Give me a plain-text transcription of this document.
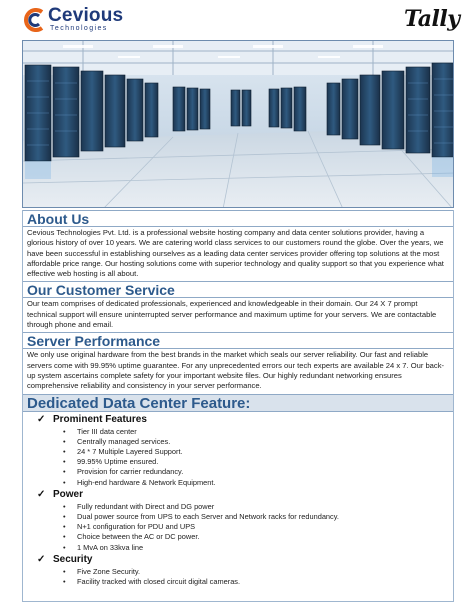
Cevious
Technologies	Tally
About Us

Cevious Technologies Pvt. Ltd. is a professional website hosting company and data center solutions provider, having a glorious history of over 10 years. We are catering world class services to our customers round the globe. Over the years, we have been successful in establishing ourselves as a leading data center services provider offering top solutions at the most affordable price range. Our hosting solutions come with superior technology and quality support so that you experience what effective web hosting is all about.

Our Customer Service

Our team comprises of dedicated professionals, experienced and knowledgeable in their domain. Our 24 X 7 prompt technical support will ensure uninterrupted server performance and maximum uptime for your servers. We are contactable through phone and email.

Server Performance

We only use original hardware from the best brands in the market which seals our server reliability. Our fast and reliable servers come with 99.95% uptime guarantee. For any unprecedented errors our tech experts are available 24 x 7. Our back-up system ascertains complete safety for your important website files. Our highly redundant networking ensures comprehensive reliability and consistency in your server performance.

Dedicated Data Center Feature:
✓ Prominent Features
• Tier III data center
• Centrally managed services.
• 24 * 7 Multiple Layered Support.
• 99.95% Uptime ensured.
• Provision for carrier redundancy.
• High-end hardware & Network Equipment.
✓ Power
• Fully redundant with Direct and DG power
• Dual power source from UPS to each Server and Network racks for redundancy.
• N+1 configuration for PDU and UPS
• Choice between the AC or DC power.
• 1 MvA on 33kva line
✓ Security
• Five Zone Security.
• Facility tracked with closed circuit digital cameras.
